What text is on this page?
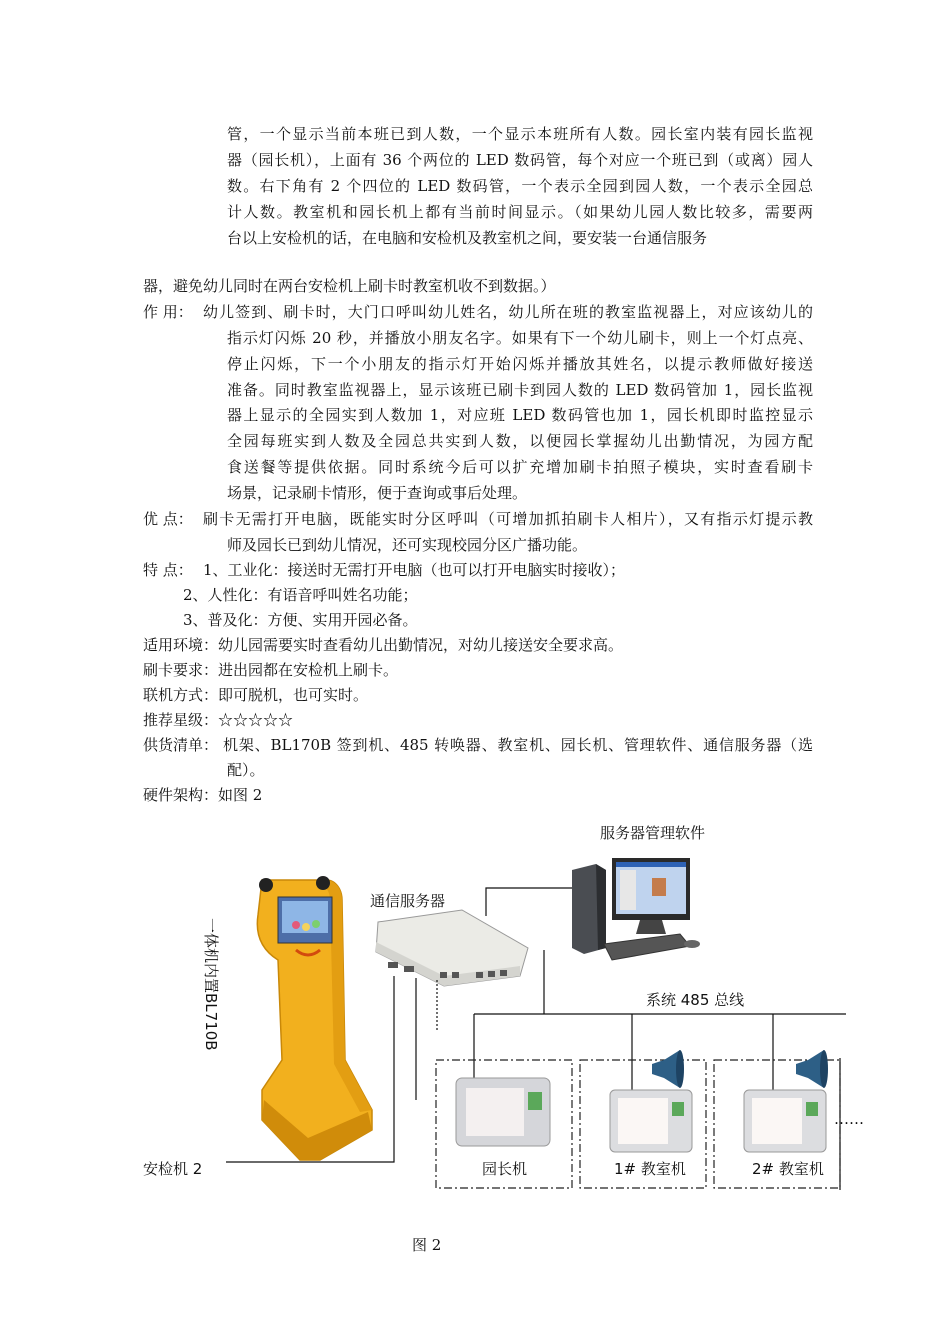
管，一个显示当前本班已到人数，一个显示本班所有人数。园长室内装有园长监视
器（园长机），上面有 36 个两位的 LED 数码管，每个对应一个班已到（或离）园人
数。右下角有 2 个四位的 LED 数码管，一个表示全园到园人数，一个表示全园总
计人数。教室机和园长机上都有当前时间显示。（如果幼儿园人数比较多，需要两
台以上安检机的话，在电脑和安检机及教室机之间，要安装一台通信服务
器，避免幼儿同时在两台安检机上刷卡时教室机收不到数据。）
作 用： 幼儿签到、刷卡时，大门口呼叫幼儿姓名，幼儿所在班的教室监视器上，对应该幼儿的
指示灯闪烁 20 秒，并播放小朋友名字。如果有下一个幼儿刷卡，则上一个灯点亮、
停止闪烁，下一个小朋友的指示灯开始闪烁并播放其姓名，以提示教师做好接送
准备。同时教室监视器上，显示该班已刷卡到园人数的 LED 数码管加 1，园长监视
器上显示的全园实到人数加 1，对应班 LED 数码管也加 1，园长机即时监控显示
全园每班实到人数及全园总共实到人数，以便园长掌握幼儿出勤情况，为园方配
食送餐等提供依据。同时系统今后可以扩充增加刷卡拍照子模块，实时查看刷卡
场景，记录刷卡情形，便于查询或事后处理。
优 点： 刷卡无需打开电脑，既能实时分区呼叫（可增加抓拍刷卡人相片），又有指示灯提示教
师及园长已到幼儿情况，还可实现校园分区广播功能。
特 点： 1、工业化：接送时无需打开电脑（也可以打开电脑实时接收）；
2、人性化：有语音呼叫姓名功能；
3、普及化：方便、实用开园必备。
适用环境：幼儿园需要实时查看幼儿出勤情况，对幼儿接送安全要求高。
刷卡要求：进出园都在安检机上刷卡。
联机方式：即可脱机，也可实时。
推荐星级：☆☆☆☆☆
供货清单： 机架、BL170B 签到机、485 转唤器、教室机、园长机、管理软件、通信服务器（选
配）。
硬件架构：如图 2
服务器管理软件
通信服务器
系统 485 总线
安检机 2	园长机	1# 教室机	2# 教室机
……
一体机内置BL710B
图 2
